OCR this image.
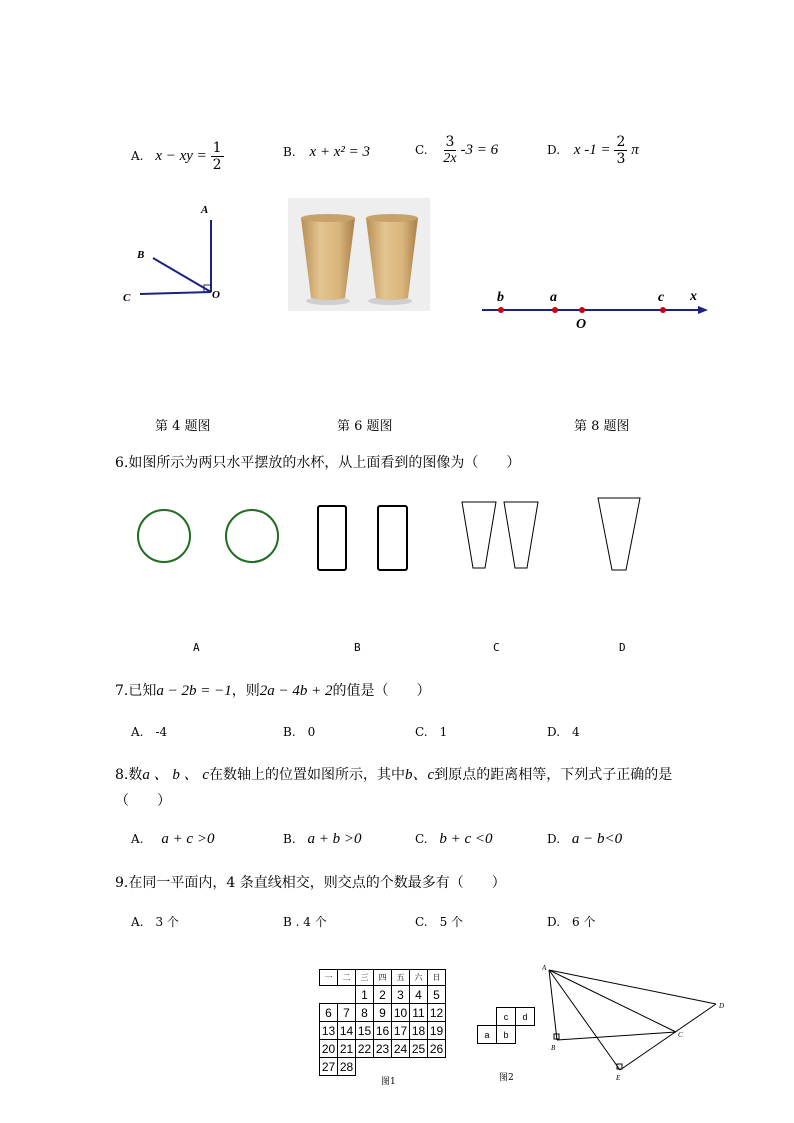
A. x − xy = $\frac{1}{2}$	B. x + x² = 3	C. $\frac{3}{2x} -3 = 6$	D. x $-1 = \frac{2}{3}$ π
A
B
C	O	b	a	c x
O
第 4 题图	第 6 题图	第 8 题图
6.如图所示为两只水平摆放的水杯，从上面看到的图像为（　　）
A	B	C	D
7.已知a − 2b = −1，则2a − 4b + 2的值是（　　）
A.　-4	B.　0	C.　1	D.　4
8.数a 、 b 、 c在数轴上的位置如图所示，其中b、c到原点的距离相等，下列式子正确的是
（　　）
A. a + c >0	B. a + b >0	C. b + c <0	D. a − b<0
9.在同一平面内，4 条直线相交，则交点的个数最多有（　　）
A.　3 个	B . 4 个	C.　5 个	D.　6 个
一	二	三	四	五	六	日
		1	2	3	4	5
6	7	8	9	10	11	12
13	14	15	16	17	18	19
20	21	22	23	24	25	26
27	28					
图1
	c	d
a	b	
图2
A
B
C
D
E
